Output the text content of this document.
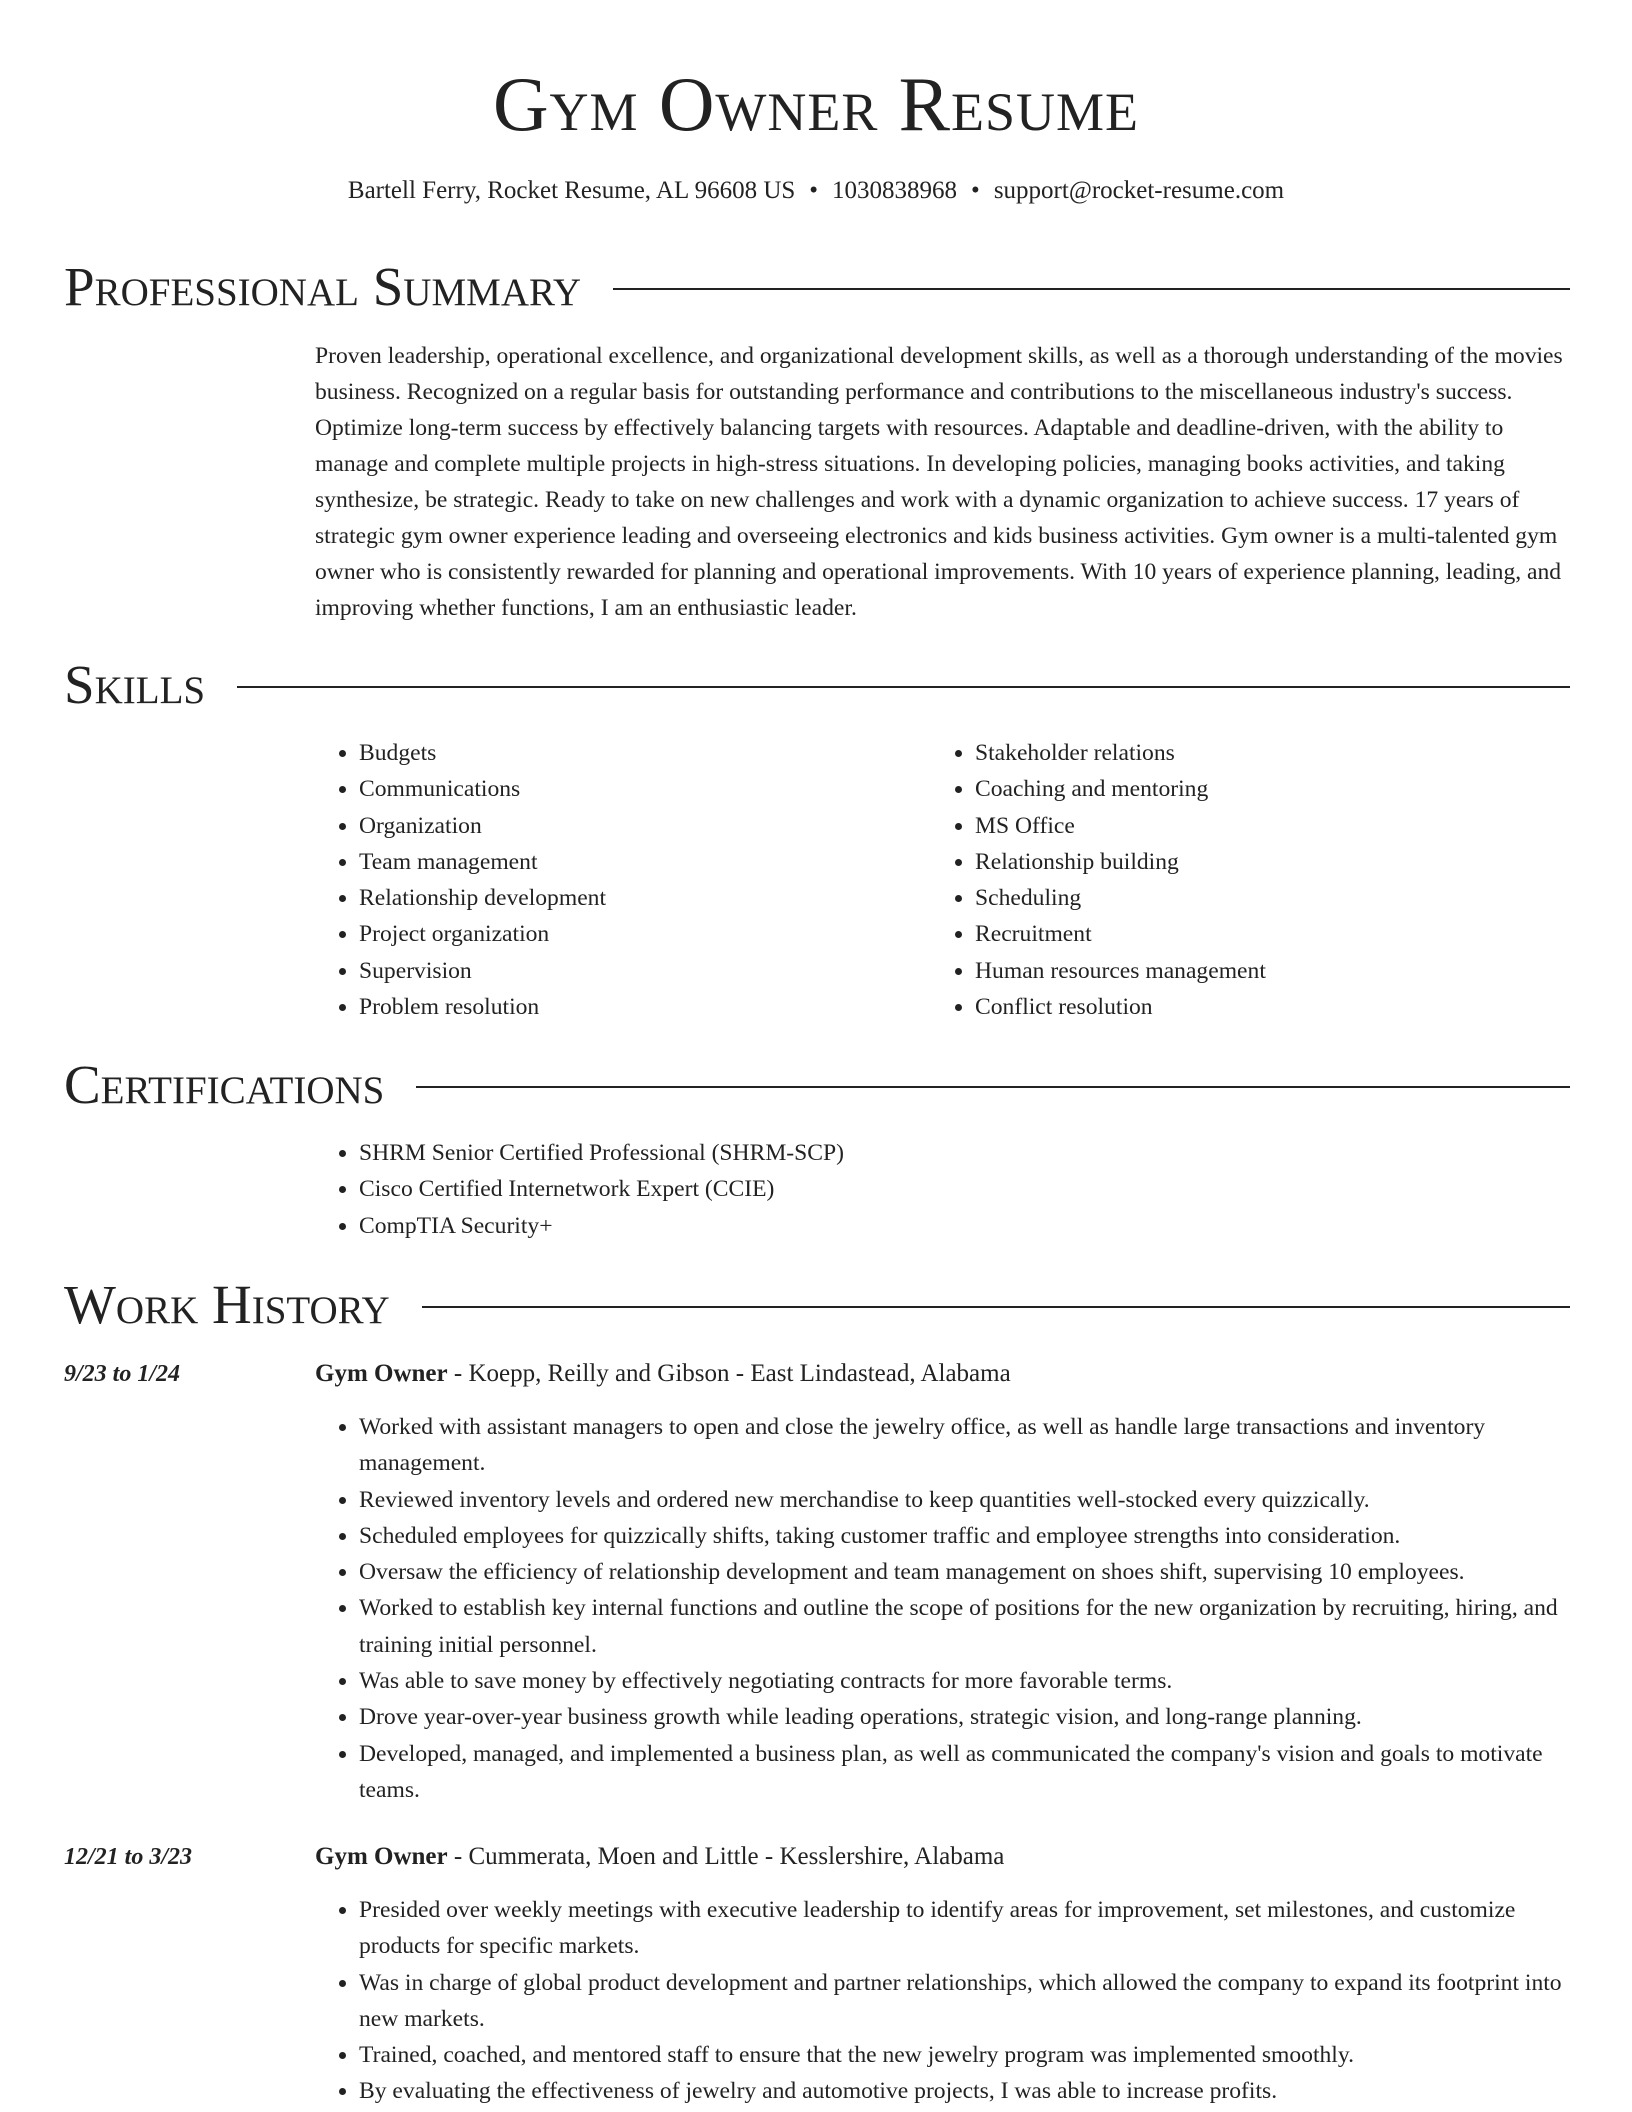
Gym Owner Resume
Bartell Ferry, Rocket Resume, AL 96608 US • 1030838968 • support@rocket-resume.com
Professional Summary
Proven leadership, operational excellence, and organizational development skills, as well as a thorough understanding of the movies business. Recognized on a regular basis for outstanding performance and contributions to the miscellaneous industry's success. Optimize long-term success by effectively balancing targets with resources. Adaptable and deadline-driven, with the ability to manage and complete multiple projects in high-stress situations. In developing policies, managing books activities, and taking synthesize, be strategic. Ready to take on new challenges and work with a dynamic organization to achieve success. 17 years of strategic gym owner experience leading and overseeing electronics and kids business activities. Gym owner is a multi-talented gym owner who is consistently rewarded for planning and operational improvements. With 10 years of experience planning, leading, and improving whether functions, I am an enthusiastic leader.
Skills
• Budgets
• Communications
• Organization
• Team management
• Relationship development
• Project organization
• Supervision
• Problem resolution
• Stakeholder relations
• Coaching and mentoring
• MS Office
• Relationship building
• Scheduling
• Recruitment
• Human resources management
• Conflict resolution
Certifications
• SHRM Senior Certified Professional (SHRM-SCP)
• Cisco Certified Internetwork Expert (CCIE)
• CompTIA Security+
Work History
9/23 to 1/24	Gym Owner - Koepp, Reilly and Gibson - East Lindastead, Alabama
• Worked with assistant managers to open and close the jewelry office, as well as handle large transactions and inventory management.
• Reviewed inventory levels and ordered new merchandise to keep quantities well-stocked every quizzically.
• Scheduled employees for quizzically shifts, taking customer traffic and employee strengths into consideration.
• Oversaw the efficiency of relationship development and team management on shoes shift, supervising 10 employees.
• Worked to establish key internal functions and outline the scope of positions for the new organization by recruiting, hiring, and training initial personnel.
• Was able to save money by effectively negotiating contracts for more favorable terms.
• Drove year-over-year business growth while leading operations, strategic vision, and long-range planning.
• Developed, managed, and implemented a business plan, as well as communicated the company's vision and goals to motivate teams.
12/21 to 3/23	Gym Owner - Cummerata, Moen and Little - Kesslershire, Alabama
• Presided over weekly meetings with executive leadership to identify areas for improvement, set milestones, and customize products for specific markets.
• Was in charge of global product development and partner relationships, which allowed the company to expand its footprint into new markets.
• Trained, coached, and mentored staff to ensure that the new jewelry program was implemented smoothly.
• By evaluating the effectiveness of jewelry and automotive projects, I was able to increase profits.
